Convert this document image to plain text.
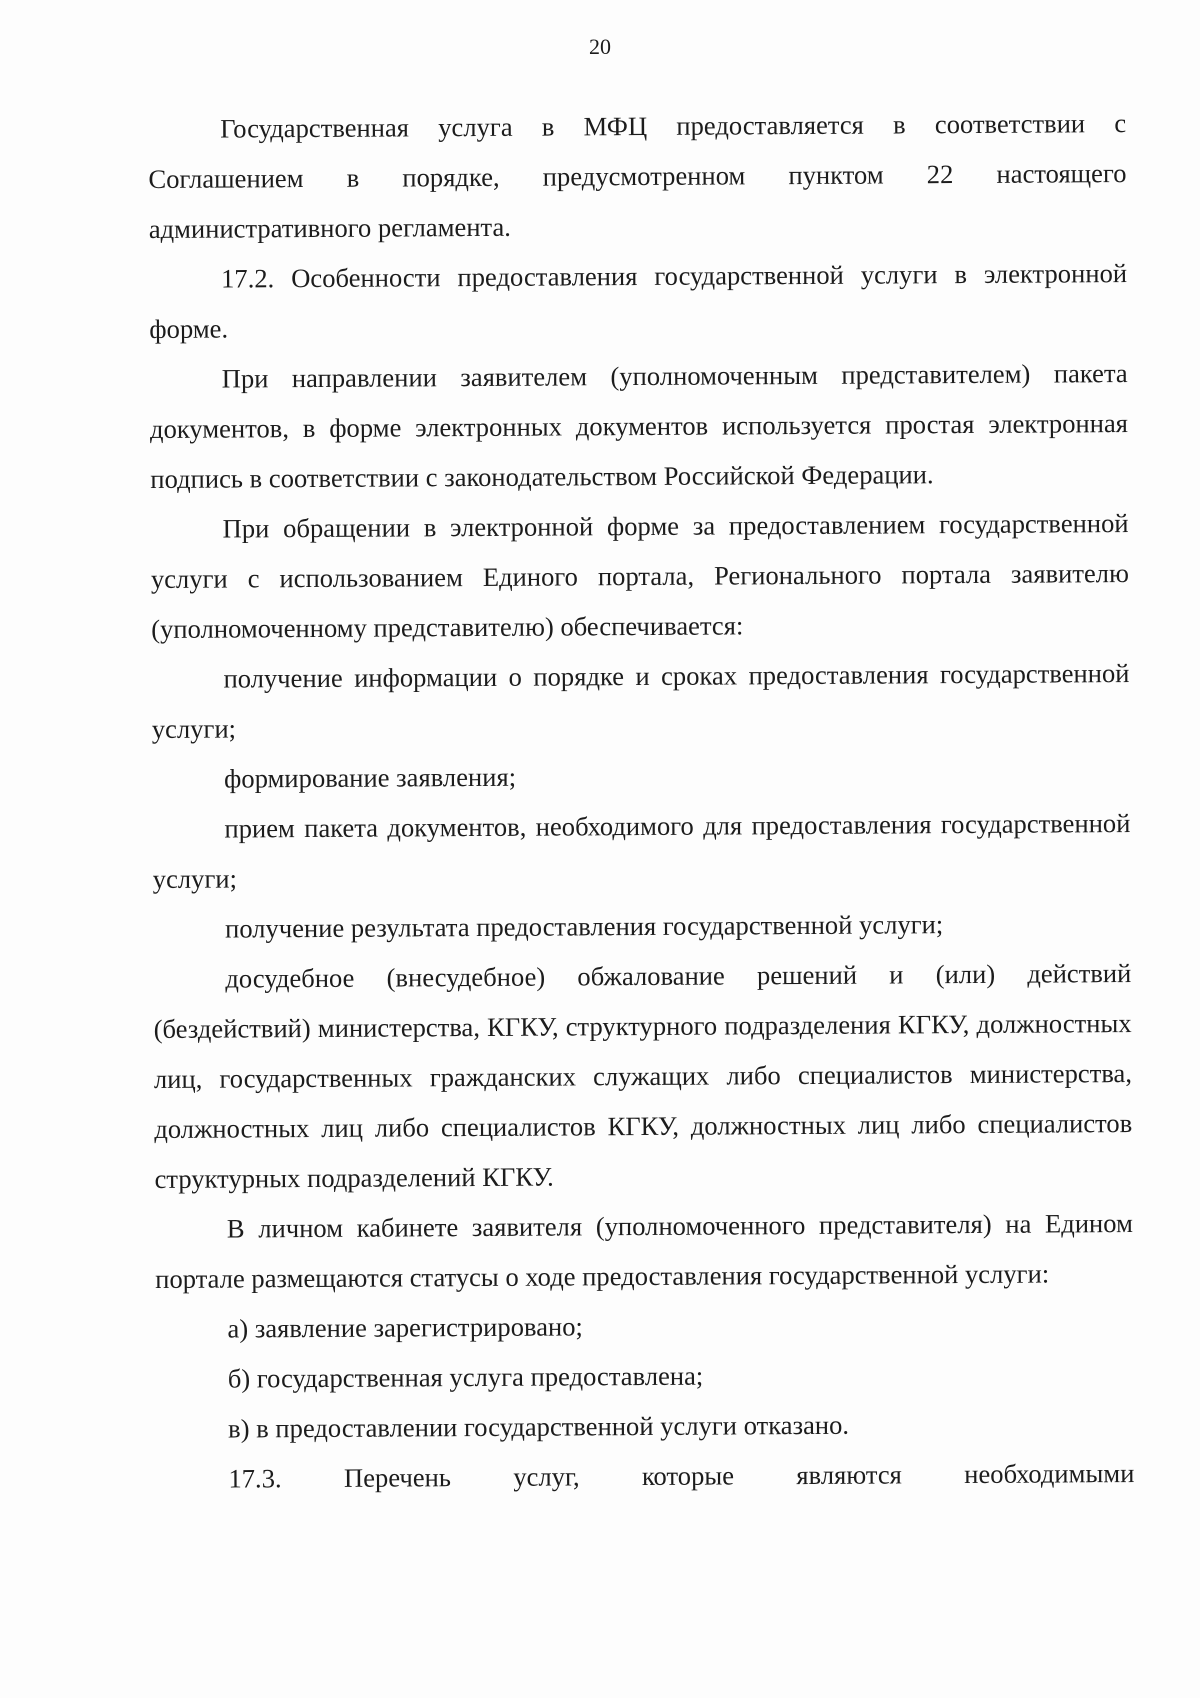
20

Государственная услуга в МФЦ предоставляется в соответствии с Соглашением в порядке, предусмотренном пунктом 22 настоящего административного регламента.

17.2. Особенности предоставления государственной услуги в электронной форме.

При направлении заявителем (уполномоченным представителем) пакета документов, в форме электронных документов используется простая электронная подпись в соответствии с законодательством Российской Федерации.

При обращении в электронной форме за предоставлением государственной услуги с использованием Единого портала, Регионального портала заявителю (уполномоченному представителю) обеспечивается:

получение информации о порядке и сроках предоставления государственной услуги;

формирование заявления;

прием пакета документов, необходимого для предоставления государственной услуги;

получение результата предоставления государственной услуги;

досудебное (внесудебное) обжалование решений и (или) действий (бездействий) министерства, КГКУ, структурного подразделения КГКУ, должностных лиц, государственных гражданских служащих либо специалистов министерства, должностных лиц либо специалистов КГКУ, должностных лиц либо специалистов структурных подразделений КГКУ.

В личном кабинете заявителя (уполномоченного представителя) на Едином портале размещаются статусы о ходе предоставления государственной услуги:

а) заявление зарегистрировано;

б) государственная услуга предоставлена;

в) в предоставлении государственной услуги отказано.

17.3. Перечень услуг, которые являются необходимыми
